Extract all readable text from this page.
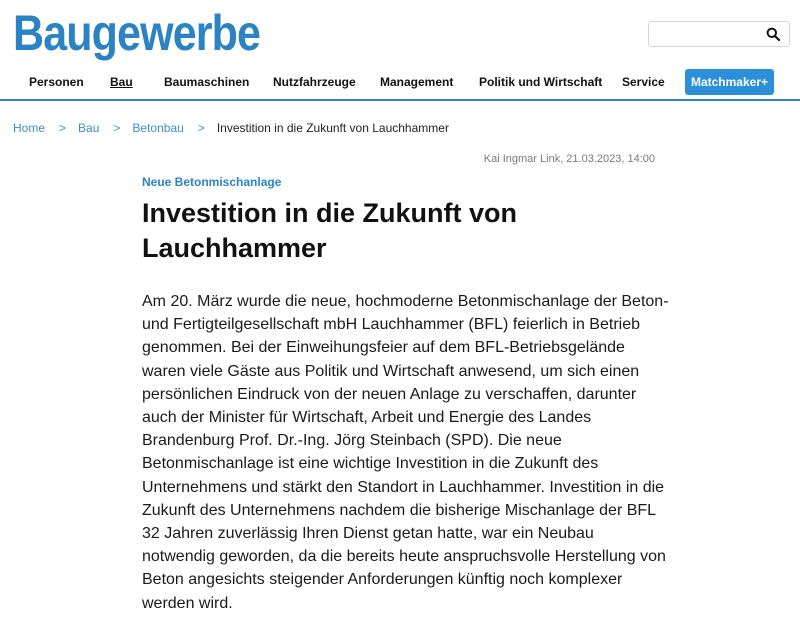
Baugewerbe
Personen Bau	Baumaschinen Nutzfahrzeuge Management Politik und Wirtschaft Service	Matchmaker+
Home > Bau > Betonbau > Investition in die Zukunft von Lauchhammer
Kai Ingmar Link, 21.03.2023, 14:00
Neue Betonmischanlage
Investition in die Zukunft von Lauchhammer
Am 20. März wurde die neue, hochmoderne Betonmischanlage der Beton-
und Fertigteilgesellschaft mbH Lauchhammer (BFL) feierlich in Betrieb
genommen. Bei der Einweihungsfeier auf dem BFL-Betriebsgelände
waren viele Gäste aus Politik und Wirtschaft anwesend, um sich einen
persönlichen Eindruck von der neuen Anlage zu verschaffen, darunter
auch der Minister für Wirtschaft, Arbeit und Energie des Landes
Brandenburg Prof. Dr.-Ing. Jörg Steinbach (SPD). Die neue
Betonmischanlage ist eine wichtige Investition in die Zukunft des
Unternehmens und stärkt den Standort in Lauchhammer. Investition in die
Zukunft des Unternehmens nachdem die bisherige Mischanlage der BFL
32 Jahren zuverlässig Ihren Dienst getan hatte, war ein Neubau
notwendig geworden, da die bereits heute anspruchsvolle Herstellung von
Beton angesichts steigender Anforderungen künftig noch komplexer
werden wird.
